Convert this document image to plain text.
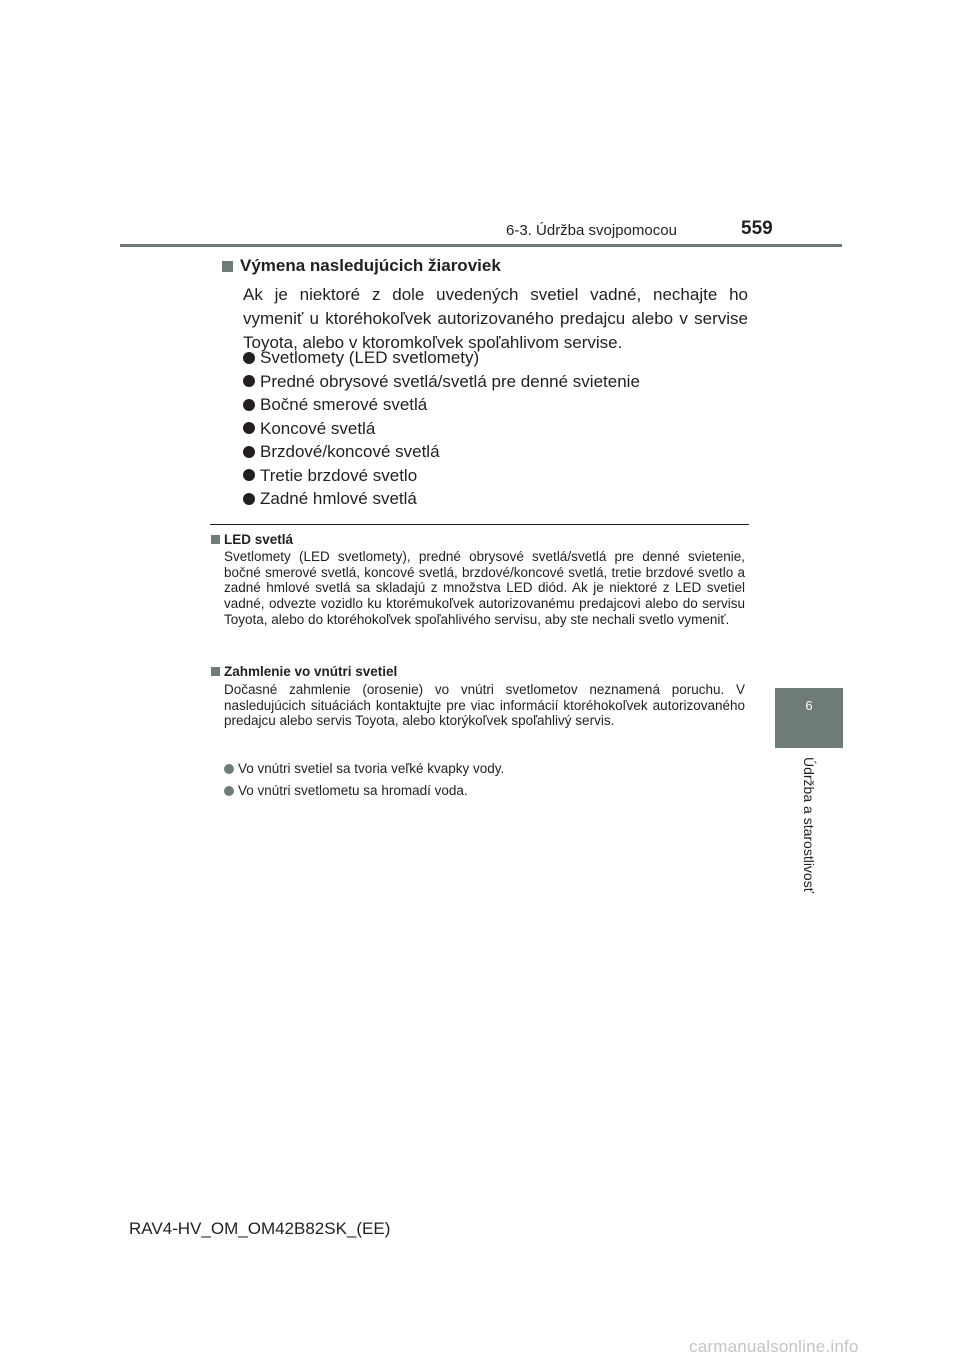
6-3. Údržba svojpomocou	559
6
Údržba a starostlivosť
Výmena nasledujúcich žiaroviek
Ak je niektoré z dole uvedených svetiel vadné, nechajte ho vymeniť u ktoréhokoľvek autorizovaného predajcu alebo v servise Toyota, alebo v ktoromkoľvek spoľahlivom servise.
Svetlomety (LED svetlomety)
Predné obrysové svetlá/svetlá pre denné svietenie
Bočné smerové svetlá
Koncové svetlá
Brzdové/koncové svetlá
Tretie brzdové svetlo
Zadné hmlové svetlá
LED svetlá
Svetlomety (LED svetlomety), predné obrysové svetlá/svetlá pre denné svietenie, bočné smerové svetlá, koncové svetlá, brzdové/koncové svetlá, tretie brzdové svetlo a zadné hmlové svetlá sa skladajú z množstva LED diód. Ak je niektoré z LED svetiel vadné, odvezte vozidlo ku ktorémukoľvek autorizovanému predajcovi alebo do servisu Toyota, alebo do ktoréhokoľvek spoľahlivého servisu, aby ste nechali svetlo vymeniť.
Zahmlenie vo vnútri svetiel
Dočasné zahmlenie (orosenie) vo vnútri svetlometov neznamená poruchu. V nasledujúcich situáciách kontaktujte pre viac informácií ktoréhokoľvek autorizovaného predajcu alebo servis Toyota, alebo ktorýkoľvek spoľahlivý servis.
Vo vnútri svetiel sa tvoria veľké kvapky vody.
Vo vnútri svetlometu sa hromadí voda.
RAV4-HV_OM_OM42B82SK_(EE)
carmanualsonline.info
